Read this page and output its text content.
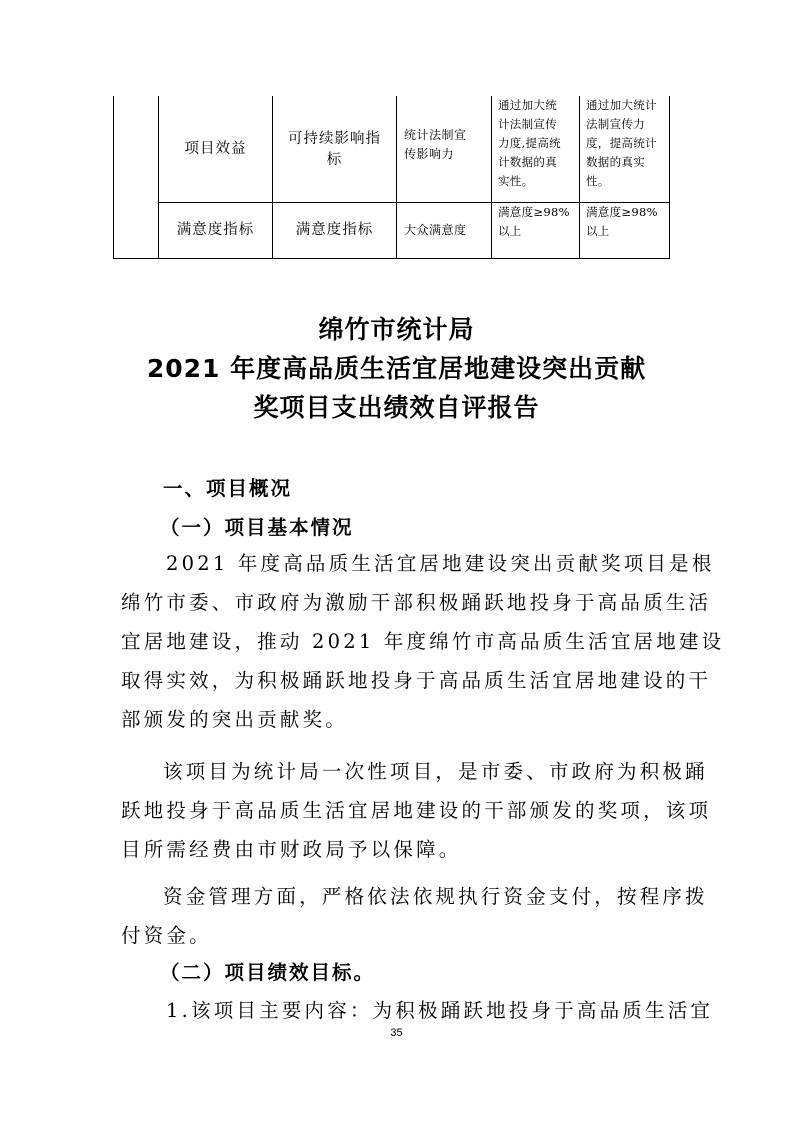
项目效益
可持续影响指
标
统计法制宣
传影响力
通过加大统
计法制宣传
力度,提高统
计数据的真
实性。
通过加大统计
法制宣传力
度，提高统计
数据的真实
性。
满意度指标	满意度指标	大众满意度
满意度≥98%
以上
满意度≥98%
以上
绵竹市统计局
2021 年度高品质生活宜居地建设突出贡献
奖项目支出绩效自评报告
一、项目概况
（一）项目基本情况
2021 年度高品质生活宜居地建设突出贡献奖项目是根
绵竹市委、市政府为激励干部积极踊跃地投身于高品质生活
宜居地建设，推动 2021 年度绵竹市高品质生活宜居地建设
取得实效，为积极踊跃地投身于高品质生活宜居地建设的干
部颁发的突出贡献奖。
该项目为统计局一次性项目，是市委、市政府为积极踊
跃地投身于高品质生活宜居地建设的干部颁发的奖项，该项
目所需经费由市财政局予以保障。
资金管理方面，严格依法依规执行资金支付，按程序拨
付资金。
（二）项目绩效目标。
1.该项目主要内容：为积极踊跃地投身于高品质生活宜
35
